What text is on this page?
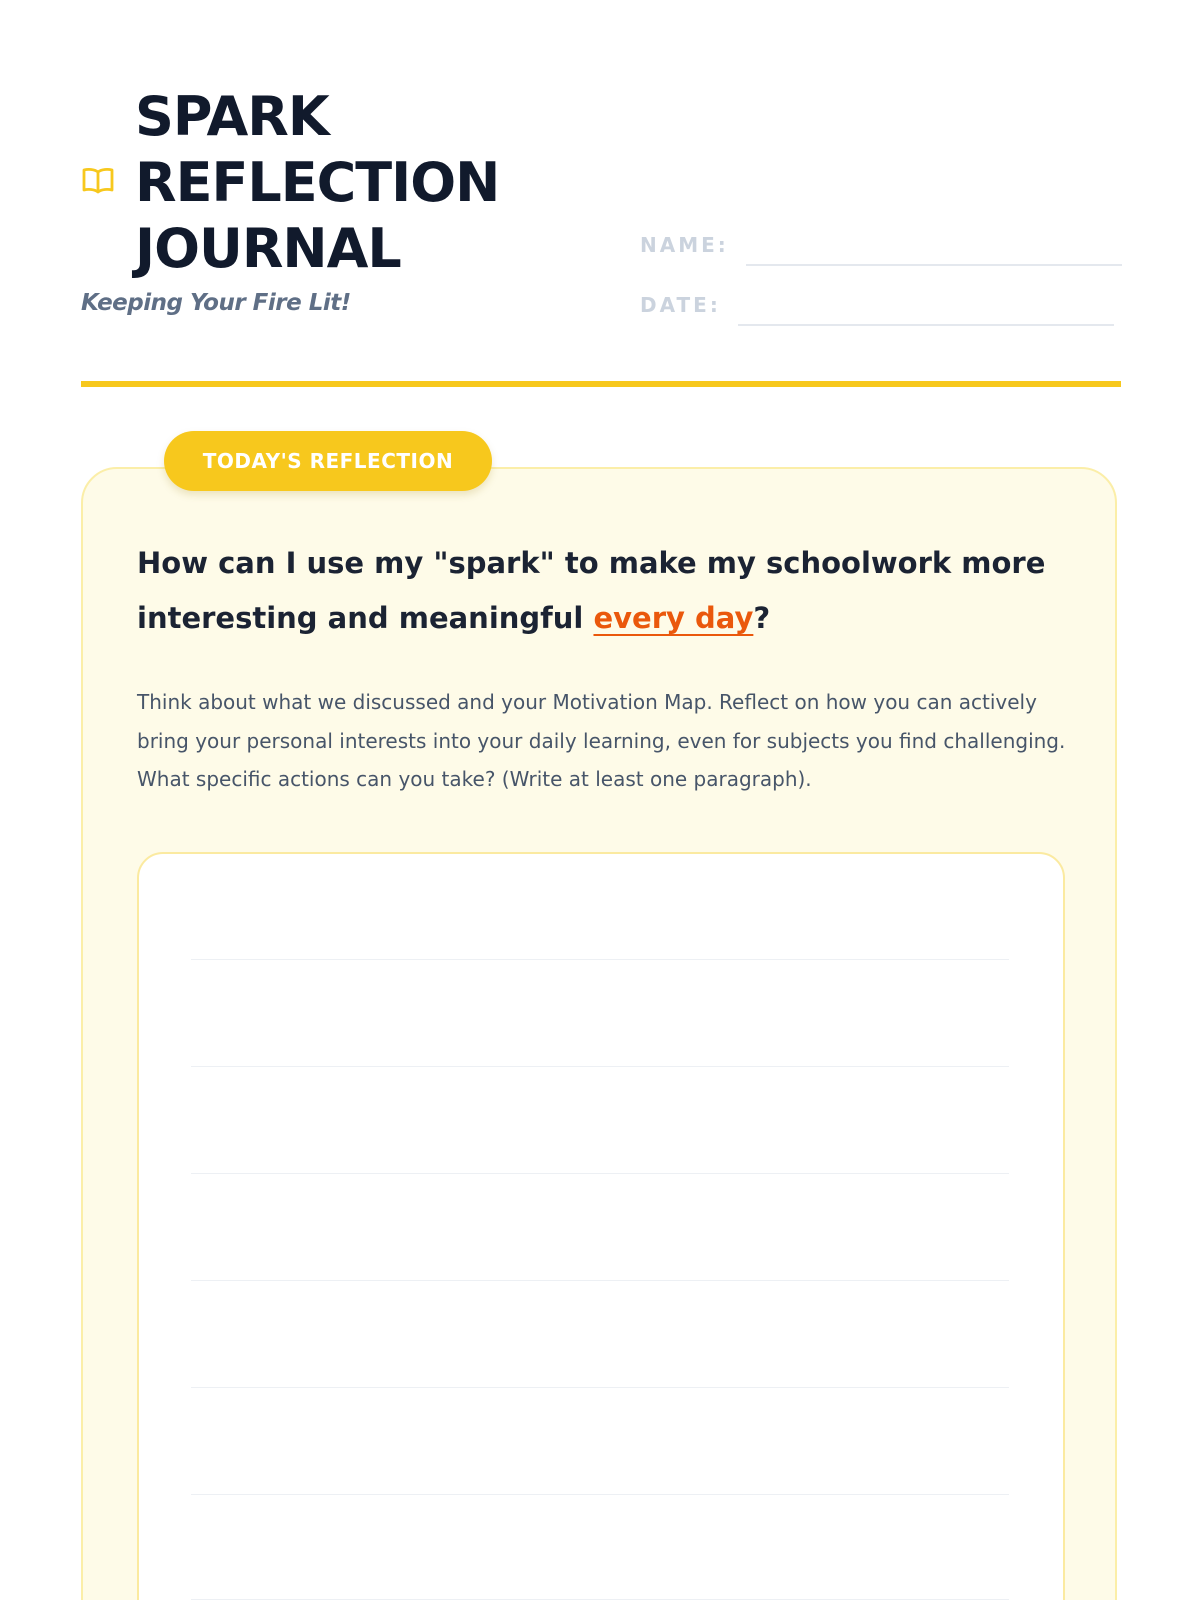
SPARK
REFLECTION
JOURNAL
Keeping Your Fire Lit!
NAME:
DATE:
TODAY'S REFLECTION

How can I use my "spark" to make my schoolwork more interesting and meaningful every day?

Think about what we discussed and your Motivation Map. Reflect on how you can actively bring your personal interests into your daily learning, even for subjects you find challenging. What specific actions can you take? (Write at least one paragraph).
